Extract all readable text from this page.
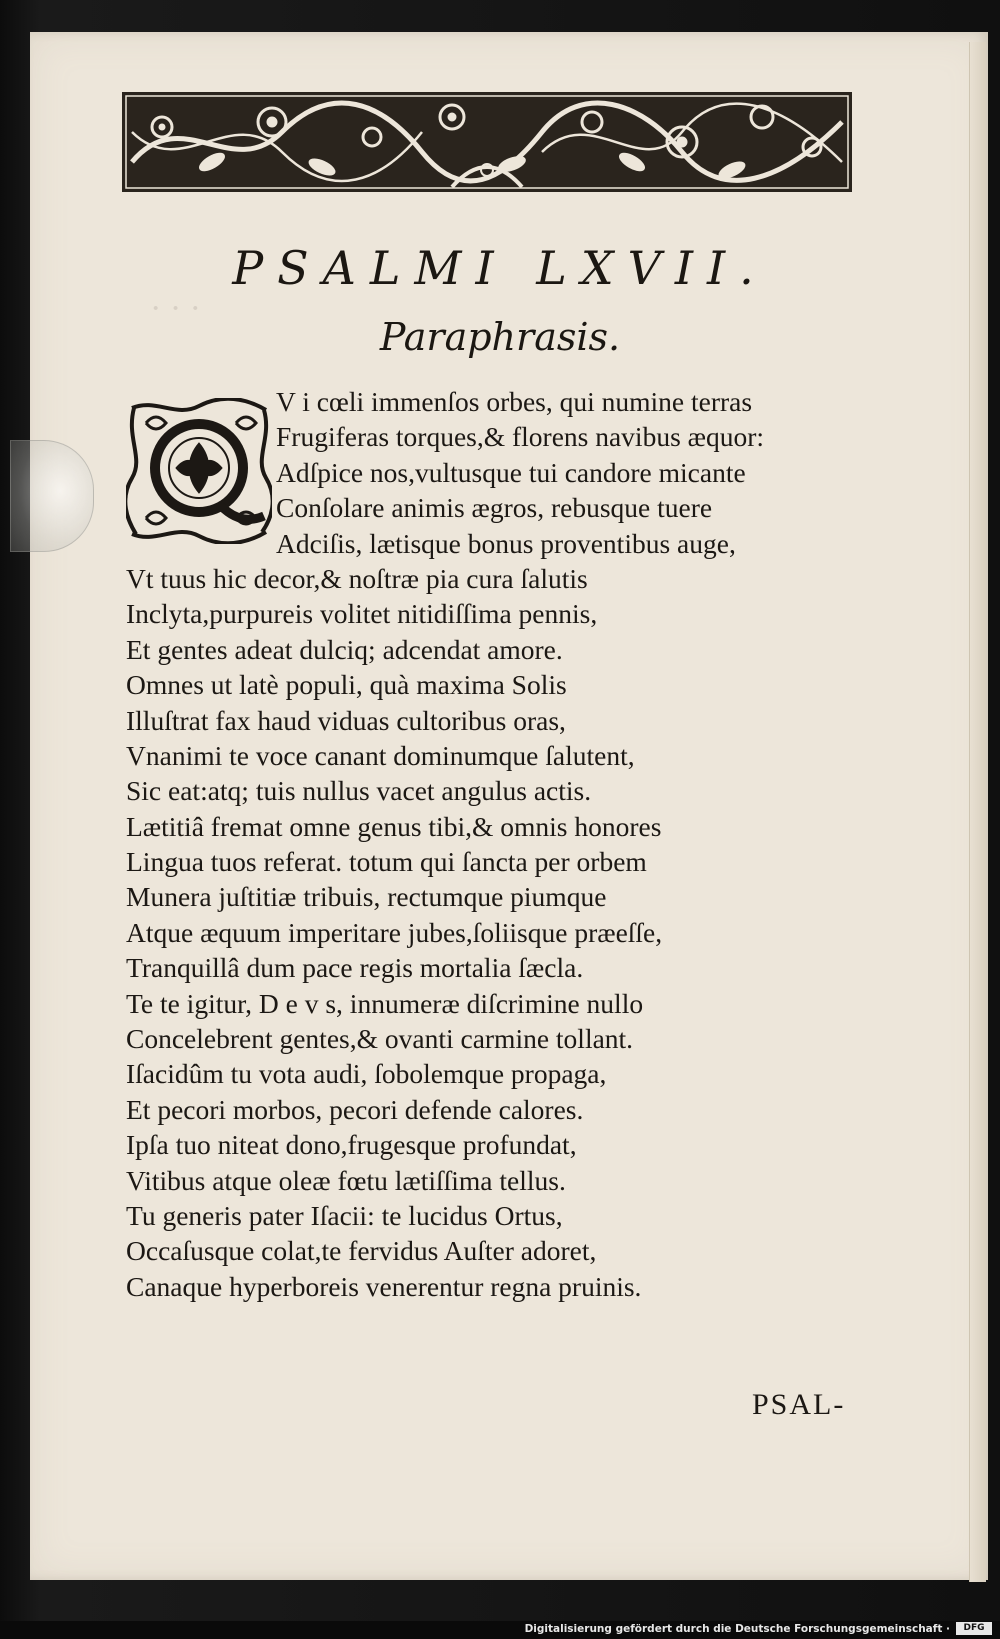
· · ·
PSALMI LXVII.
Paraphrasis.
V i cœli immenſos orbes, qui numine terras
Frugiferas torques,& florens navibus æquor:
Adſpice nos,vultusque tui candore micante
Conſolare animis ægros, rebusque tuere
Adciſis, lætisque bonus proventibus auge,
Vt tuus hic decor,& noſtræ pia cura ſalutis
Inclyta,purpureis volitet nitidiſſima pennis,
Et gentes adeat dulciq; adcendat amore.
Omnes ut latè populi, quà maxima Solis
Illuſtrat fax haud viduas cultoribus oras,
Vnanimi te voce canant dominumque ſalutent,
Sic eat:atq; tuis nullus vacet angulus actis.
Lætitiâ fremat omne genus tibi,& omnis honores
Lingua tuos referat. totum qui ſancta per orbem
Munera juſtitiæ tribuis, rectumque piumque
Atque æquum imperitare jubes,ſoliisque præeſſe,
Tranquillâ dum pace regis mortalia ſæcla.
Te te igitur, D e v s, innumeræ diſcrimine nullo
Concelebrent gentes,& ovanti carmine tollant.
Iſacidûm tu vota audi, ſobolemque propaga,
Et pecori morbos, pecori defende calores.
Ipſa tuo niteat dono,frugesque profundat,
Vitibus atque oleæ fœtu lætiſſima tellus.
Tu generis pater Iſacii: te lucidus Ortus,
Occaſusque colat,te fervidus Auſter adoret,
Canaque hyperboreis venerentur regna pruinis.
PSAL-
Digitalisierung gefördert durch die Deutsche Forschungsgemeinschaft ·	DFG
